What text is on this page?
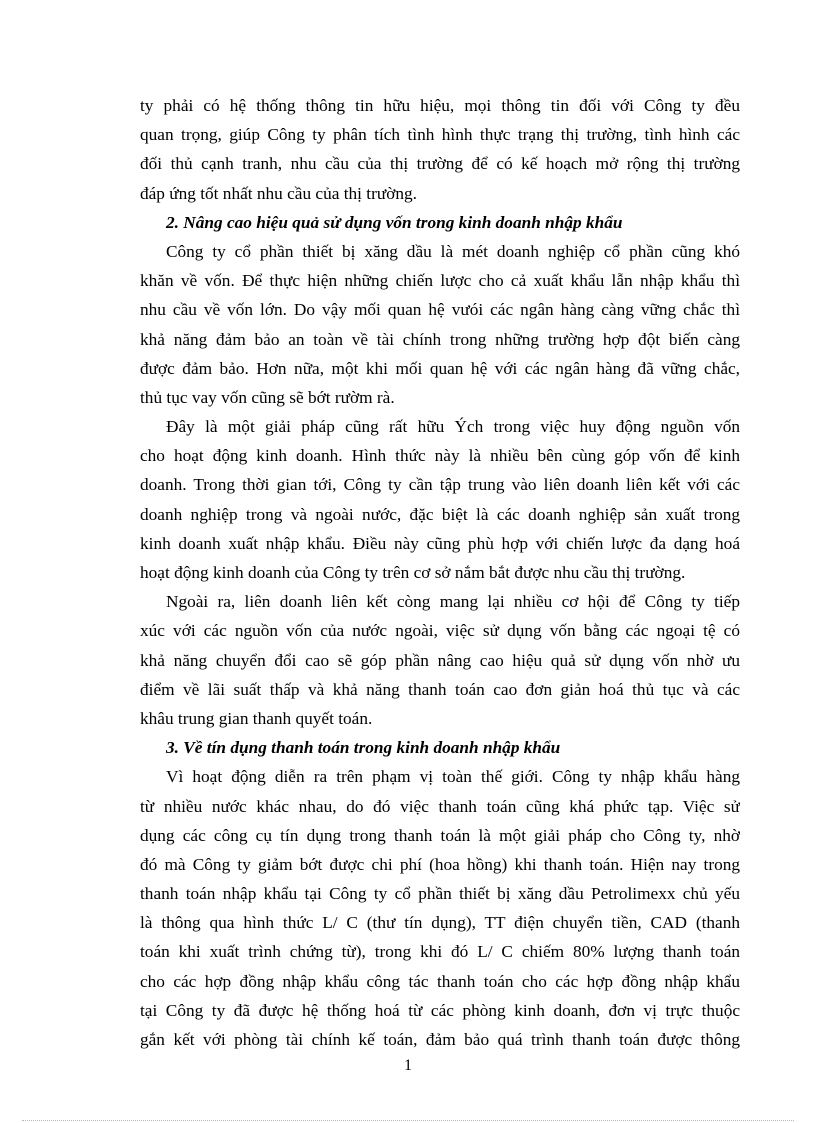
ty phải có hệ thống thông tin hữu hiệu, mọi thông tin đối với Công ty đều
quan trọng, giúp Công ty phân tích tình hình thực trạng thị trường, tình hình các
đối thủ cạnh tranh, nhu cầu của thị trường để có kế hoạch mở rộng thị trường
đáp ứng tốt nhất nhu cầu của thị trường.
2. Nâng cao hiệu quả sử dụng vốn trong kinh doanh nhập khẩu
Công ty cổ phần thiết bị xăng dầu là mét doanh nghiệp cổ phần cũng khó
khăn về vốn. Để thực hiện những chiến lược cho cả xuất khẩu lẫn nhập khẩu thì
nhu cầu về vốn lớn. Do vậy mối quan hệ vưói các ngân hàng càng vững chắc thì
khả năng đảm bảo an toàn về tài chính trong những trường hợp đột biến càng
được đảm bảo. Hơn nữa, một khi mối quan hệ với các ngân hàng đã vững chắc,
thủ tục vay vốn cũng sẽ bớt rườm rà.
Đây là một giải pháp cũng rất hữu Ých trong việc huy động nguồn vốn
cho hoạt động kinh doanh. Hình thức này là nhiều bên cùng góp vốn để kinh
doanh. Trong thời gian tới, Công ty cần tập trung vào liên doanh liên kết với các
doanh nghiệp trong và ngoài nước, đặc biệt là các doanh nghiệp sản xuất trong
kinh doanh xuất nhập khẩu. Điều này cũng phù hợp với chiến lược đa dạng hoá
hoạt động kinh doanh của Công ty trên cơ sở nắm bắt được nhu cầu thị trường.
Ngoài ra, liên doanh liên kết còng mang lại nhiều cơ hội để Công ty tiếp
xúc với các nguồn vốn của nước ngoài, việc sử dụng vốn bằng các ngoại tệ có
khả năng chuyển đổi cao sẽ góp phần nâng cao hiệu quả sử dụng vốn nhờ ưu
điểm về lãi suất thấp và khả năng thanh toán cao đơn giản hoá thủ tục và các
khâu trung gian thanh quyết toán.
3. Về tín dụng thanh toán trong kinh doanh nhập khẩu
Vì hoạt động diễn ra trên phạm vị toàn thế giới. Công ty nhập khẩu hàng
từ nhiều nước khác nhau, do đó việc thanh toán cũng khá phức tạp. Việc sử
dụng các công cụ tín dụng trong thanh toán là một giải pháp cho Công ty, nhờ
đó mà Công ty giảm bớt được chi phí (hoa hồng) khi thanh toán. Hiện nay trong
thanh toán nhập khẩu tại Công ty cổ phần thiết bị xăng dầu Petrolimexx chủ yếu
là thông qua hình thức L/ C (thư tín dụng), TT điện chuyển tiền, CAD (thanh
toán khi xuất trình chứng từ), trong khi đó L/ C chiếm 80% lượng thanh toán
cho các hợp đồng nhập khẩu công tác thanh toán cho các hợp đồng nhập khẩu
tại Công ty đã được hệ thống hoá từ các phòng kinh doanh, đơn vị trực thuộc
gắn kết với phòng tài chính kế toán, đảm bảo quá trình thanh toán được thông
1
